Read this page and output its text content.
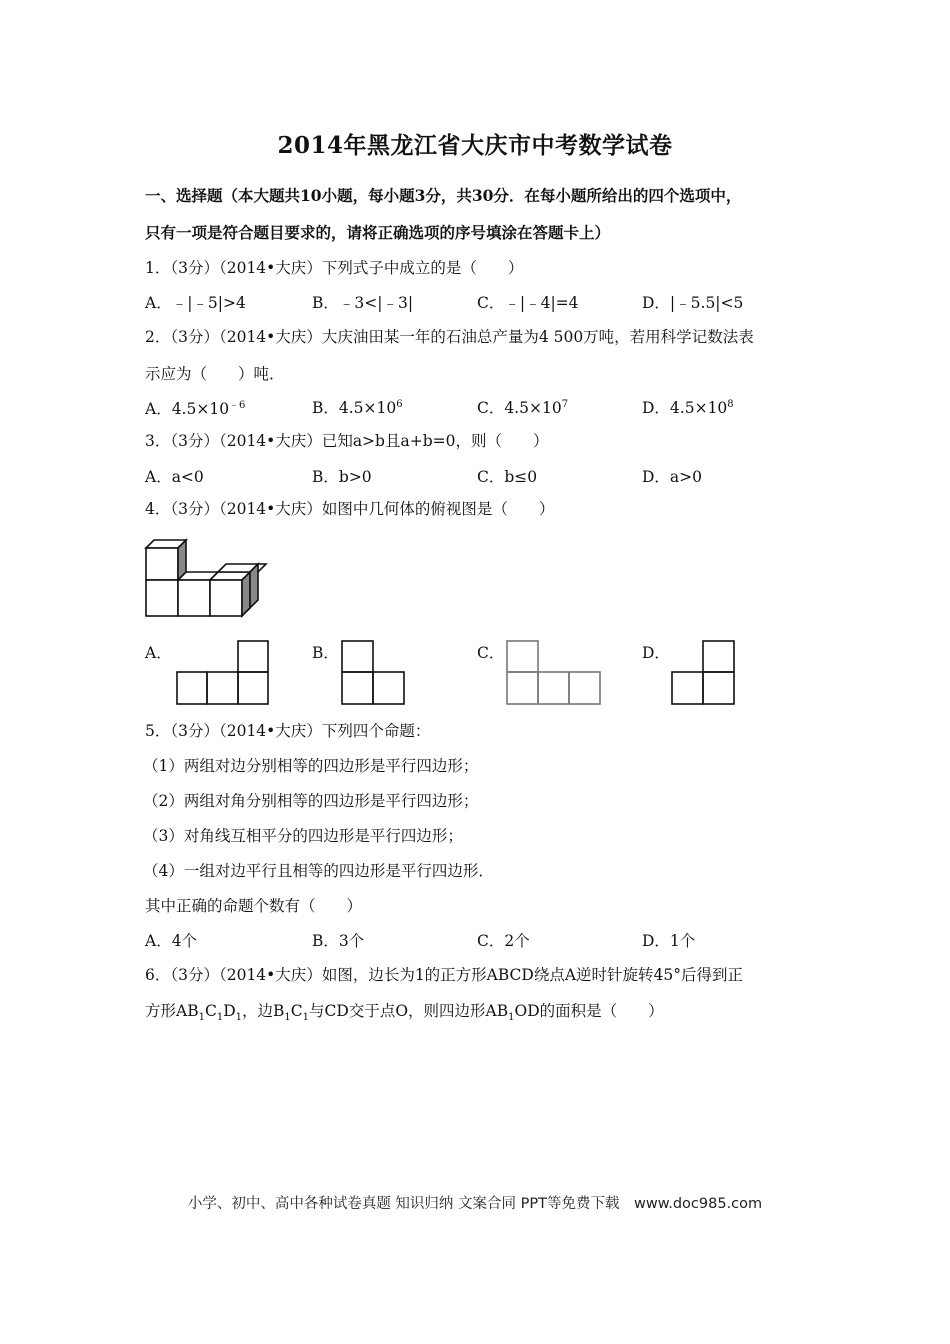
2014年黑龙江省大庆市中考数学试卷
一、选择题（本大题共10小题，每小题3分，共30分．在每小题所给出的四个选项中，
只有一项是符合题目要求的，请将正确选项的序号填涂在答题卡上）
1．（3分）（2014•大庆）下列式子中成立的是（　　）
A．﹣|﹣5|>4	B．﹣3<|﹣3|	C．﹣|﹣4|=4	D．|﹣5.5|<5
2．（3分）（2014•大庆）大庆油田某一年的石油总产量为4 500万吨，若用科学记数法表
示应为（　　）吨．
A．$4.5\times 10^{﹣6}$	B．$4.5\times 10^6$	C．$4.5\times 10^7$	D．$4.5\times 10^8$
3．（3分）（2014•大庆）已知a>b且a+b=0，则（　　）
A．a<0	B．b>0	C．b≤0	D．a>0
4．（3分）（2014•大庆）如图中几何体的俯视图是（　　）
A．	B．	C．	D．
5．（3分）（2014•大庆）下列四个命题：
（1）两组对边分别相等的四边形是平行四边形；
（2）两组对角分别相等的四边形是平行四边形；
（3）对角线互相平分的四边形是平行四边形；
（4）一组对边平行且相等的四边形是平行四边形．
其中正确的命题个数有（　　）
A．4个	B．3个	C．2个	D．1个
6．（3分）（2014•大庆）如图，边长为1的正方形ABCD绕点A逆时针旋转45°后得到正
方形$AB_1C_1D_1$，边$B_1C_1$与CD交于点O，则四边形$AB_1OD$的面积是（　　）
小学、初中、高中各种试卷真题 知识归纳 文案合同 PPT等免费下载　www.doc985.com
